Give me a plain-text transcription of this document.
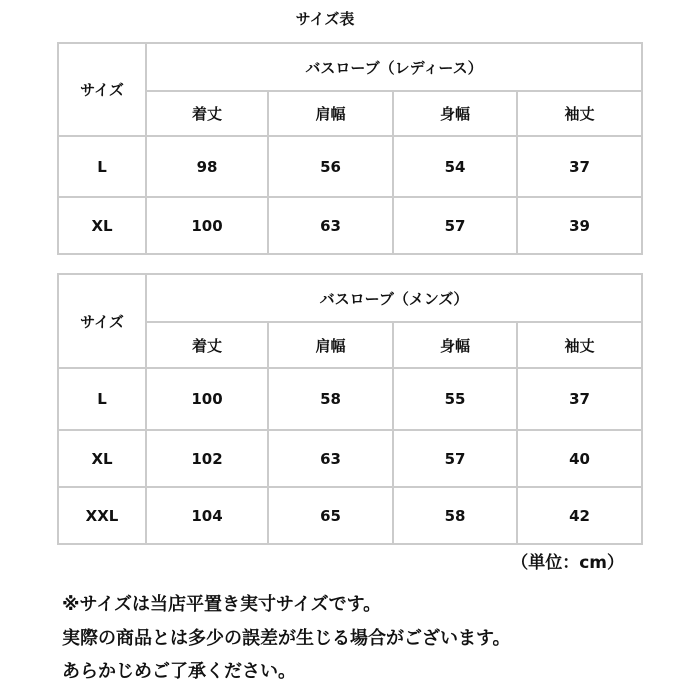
サイズ表
サイズ	バスローブ（レディース）			
	着丈	肩幅	身幅	袖丈
L	98	56	54	37
XL	100	63	57	39
サイズ	バスローブ（メンズ）			
	着丈	肩幅	身幅	袖丈
L	100	58	55	37
XL	102	63	57	40
XXL	104	65	58	42
（単位：cm）
※サイズは当店平置き実寸サイズです。
実際の商品とは多少の誤差が生じる場合がございます。
あらかじめご了承ください。
